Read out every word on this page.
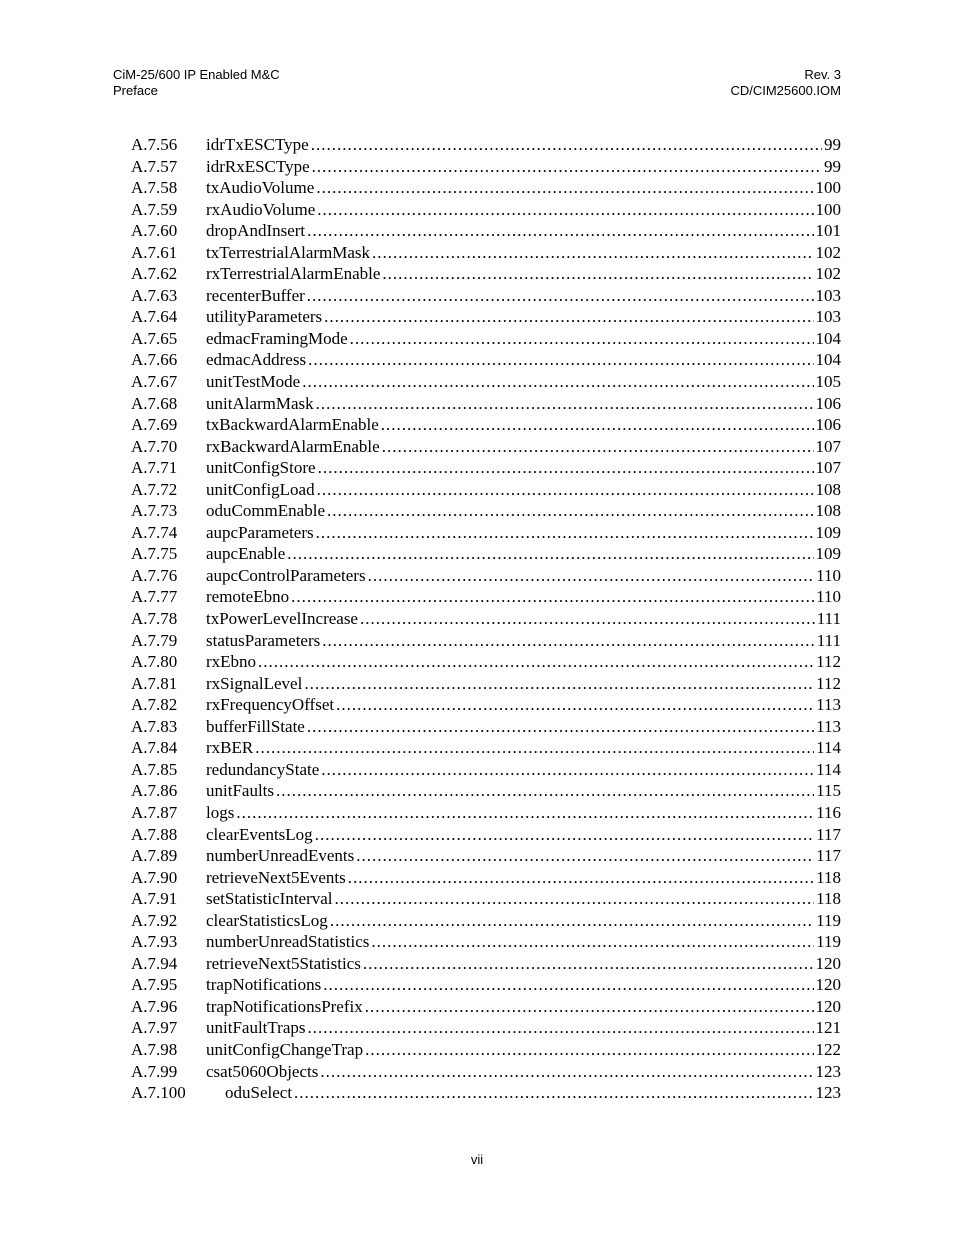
CiM-25/600 IP Enabled M&C
Preface
Rev. 3
CD/CIM25600.IOM
A.7.56	idrTxESCType .....	99
A.7.57	idrRxESCType .....	99
A.7.58	txAudioVolume .....	100
A.7.59	rxAudioVolume .....	100
A.7.60	dropAndInsert .....	101
A.7.61	txTerrestrialAlarmMask .....	102
A.7.62	rxTerrestrialAlarmEnable .....	102
A.7.63	recenterBuffer .....	103
A.7.64	utilityParameters .....	103
A.7.65	edmacFramingMode .....	104
A.7.66	edmacAddress .....	104
A.7.67	unitTestMode .....	105
A.7.68	unitAlarmMask .....	106
A.7.69	txBackwardAlarmEnable .....	106
A.7.70	rxBackwardAlarmEnable .....	107
A.7.71	unitConfigStore .....	107
A.7.72	unitConfigLoad .....	108
A.7.73	oduCommEnable .....	108
A.7.74	aupcParameters .....	109
A.7.75	aupcEnable .....	109
A.7.76	aupcControlParameters .....	110
A.7.77	remoteEbno .....	110
A.7.78	txPowerLevelIncrease .....	111
A.7.79	statusParameters .....	111
A.7.80	rxEbno .....	112
A.7.81	rxSignalLevel .....	112
A.7.82	rxFrequencyOffset .....	113
A.7.83	bufferFillState .....	113
A.7.84	rxBER .....	114
A.7.85	redundancyState .....	114
A.7.86	unitFaults .....	115
A.7.87	logs .....	116
A.7.88	clearEventsLog .....	117
A.7.89	numberUnreadEvents .....	117
A.7.90	retrieveNext5Events .....	118
A.7.91	setStatisticInterval .....	118
A.7.92	clearStatisticsLog .....	119
A.7.93	numberUnreadStatistics .....	119
A.7.94	retrieveNext5Statistics .....	120
A.7.95	trapNotifications .....	120
A.7.96	trapNotificationsPrefix .....	120
A.7.97	unitFaultTraps .....	121
A.7.98	unitConfigChangeTrap .....	122
A.7.99	csat5060Objects .....	123
A.7.100	oduSelect .....	123
vii
